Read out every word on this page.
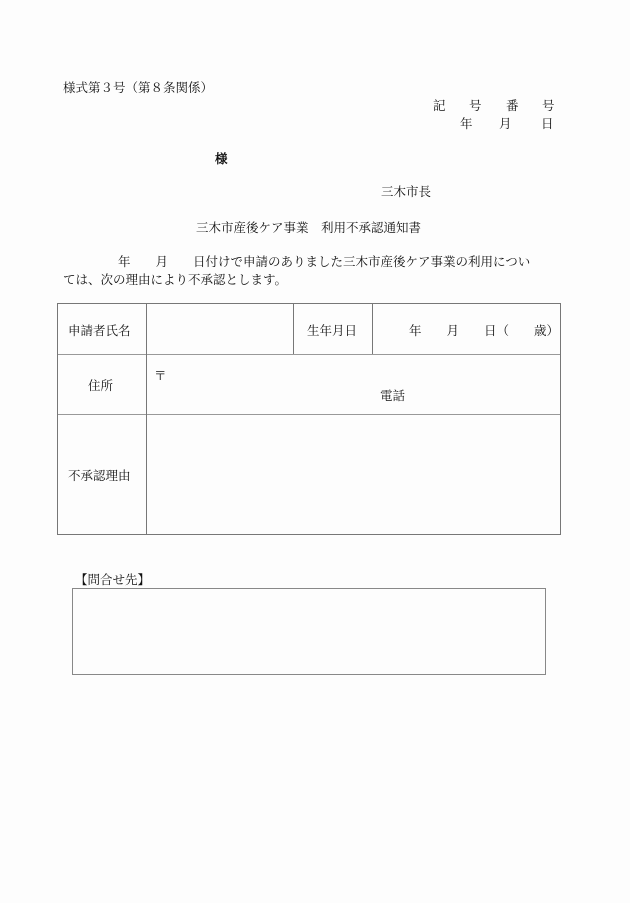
様式第３号（第８条関係）
記 号 番 号
年 月 日
様
三木市長
三木市産後ケア事業　利用不承認通知書
年　　月　　日付けで申請のありました三木市産後ケア事業の利用につい
ては、次の理由により不承認とします。
申請者氏名	生年月日	年　　月　　日（　　歳）
住所
〒
電話
不承認理由
【問合せ先】
